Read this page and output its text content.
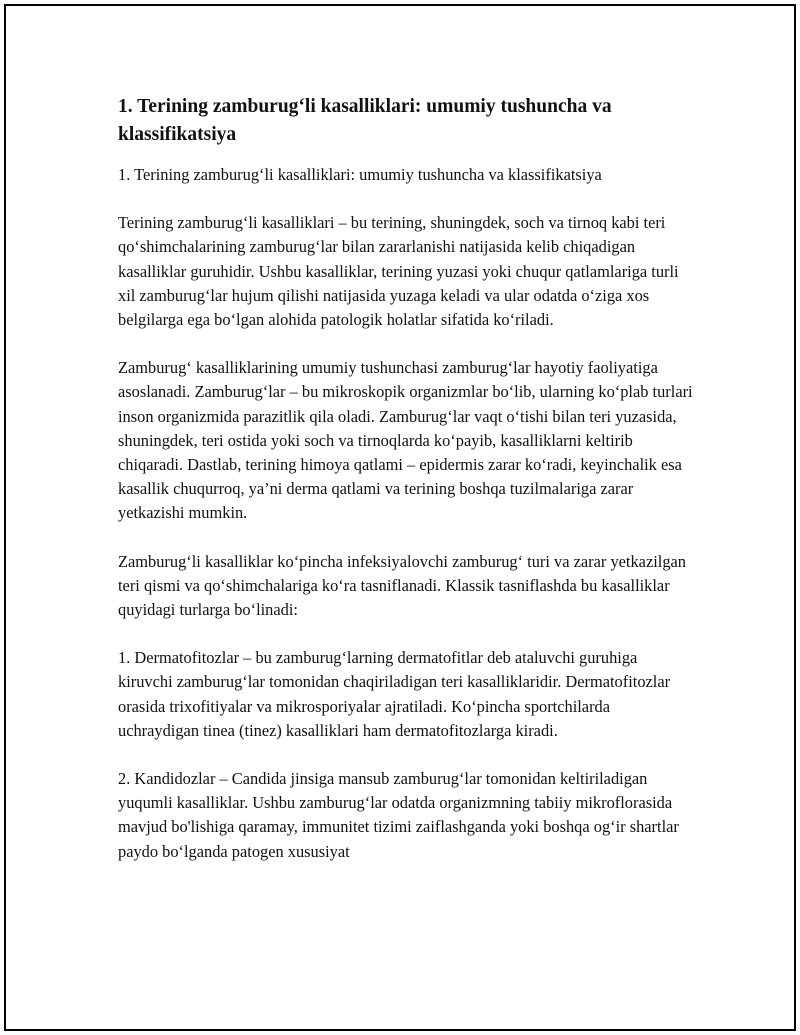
1. Terining zamburug‘li kasalliklari: umumiy tushuncha va klassifikatsiya

1. Terining zamburug‘li kasalliklari: umumiy tushuncha va klassifikatsiya

Terining zamburug‘li kasalliklari – bu terining, shuningdek, soch va tirnoq kabi teri qo‘shimchalarining zamburug‘lar bilan zararlanishi natijasida kelib chiqadigan kasalliklar guruhidir. Ushbu kasalliklar, terining yuzasi yoki chuqur qatlamlariga turli xil zamburug‘lar hujum qilishi natijasida yuzaga keladi va ular odatda o‘ziga xos belgilarga ega bo‘lgan alohida patologik holatlar sifatida ko‘riladi.

Zamburug‘ kasalliklarining umumiy tushunchasi zamburug‘lar hayotiy faoliyatiga asoslanadi. Zamburug‘lar – bu mikroskopik organizmlar bo‘lib, ularning ko‘plab turlari inson organizmida parazitlik qila oladi. Zamburug‘lar vaqt o‘tishi bilan teri yuzasida, shuningdek, teri ostida yoki soch va tirnoqlarda ko‘payib, kasalliklarni keltirib chiqaradi. Dastlab, terining himoya qatlami – epidermis zarar ko‘radi, keyinchalik esa kasallik chuqurroq, ya’ni derma qatlami va terining boshqa tuzilmalariga zarar yetkazishi mumkin.

Zamburug‘li kasalliklar ko‘pincha infeksiyalovchi zamburug‘ turi va zarar yetkazilgan teri qismi va qo‘shimchalariga ko‘ra tasniflanadi. Klassik tasniflashda bu kasalliklar quyidagi turlarga bo‘linadi:

1. Dermatofitozlar – bu zamburug‘larning dermatofitlar deb ataluvchi guruhiga kiruvchi zamburug‘lar tomonidan chaqiriladigan teri kasalliklaridir. Dermatofitozlar orasida trixofitiyalar va mikrosporiyalar ajratiladi. Ko‘pincha sportchilarda uchraydigan tinea (tinez) kasalliklari ham dermatofitozlarga kiradi.

2. Kandidozlar – Candida jinsiga mansub zamburug‘lar tomonidan keltiriladigan yuqumli kasalliklar. Ushbu zamburug‘lar odatda organizmning tabiiy mikroflorasida mavjud bo'lishiga qaramay, immunitet tizimi zaiflashganda yoki boshqa og‘ir shartlar paydo bo‘lganda patogen xususiyat
